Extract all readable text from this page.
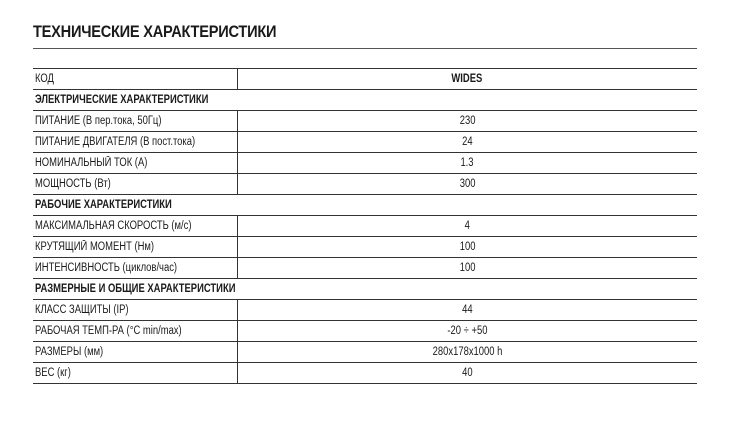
ТЕХНИЧЕСКИЕ ХАРАКТЕРИСТИКИ
КОД	WIDES
ЭЛЕКТРИЧЕСКИЕ ХАРАКТЕРИСТИКИ	
ПИТАНИЕ (В пер.тока, 50Гц)	230
ПИТАНИЕ ДВИГАТЕЛЯ (В пост.тока)	24
НОМИНАЛЬНЫЙ ТОК (А)	1.3
МОЩНОСТЬ (Вт)	300
РАБОЧИЕ ХАРАКТЕРИСТИКИ	
МАКСИМАЛЬНАЯ СКОРОСТЬ (м/с)	4
КРУТЯЩИЙ МОМЕНТ (Нм)	100
ИНТЕНСИВНОСТЬ (циклов/час)	100
РАЗМЕРНЫЕ И ОБЩИЕ ХАРАКТЕРИСТИКИ	
КЛАСС ЗАЩИТЫ (IP)	44
РАБОЧАЯ ТЕМП-РА (°C min/max)	-20 ÷ +50
РАЗМЕРЫ (мм)	280x178x1000 h
ВЕС (кг)	40
